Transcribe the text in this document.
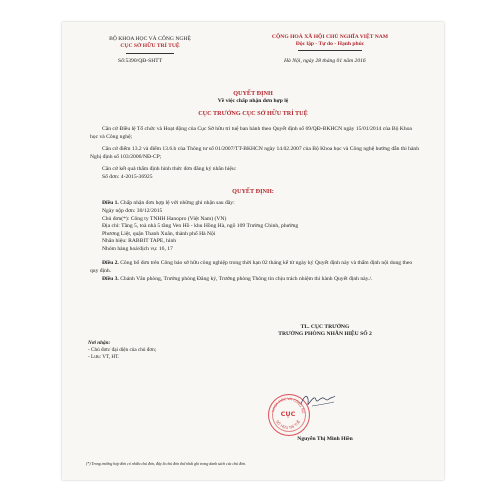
BỘ KHOA HỌC VÀ CÔNG NGHỆ
CỤC SỞ HỮU TRÍ TUỆ
Số:5390/QĐ-SHTT
CỘNG HOÀ XÃ HỘI CHỦ NGHĨA VIỆT NAM
Độc lập - Tự do - Hạnh phúc
Hà Nội, ngày 28 tháng 01 năm 2016
QUYẾT ĐỊNH
Về việc chấp nhận đơn hợp lệ
CỤC TRƯỞNG CỤC SỞ HỮU TRÍ TUỆ
Căn cứ Điều lệ Tổ chức và Hoạt động của Cục Sở hữu trí tuệ ban hành theo Quyết định số 69/QĐ-BKHCN ngày 15/01/2014 của Bộ Khoa học và Công nghệ;
Căn cứ điểm 13.2 và điểm 13.6.b của Thông tư số 01/2007/TT-BKHCN ngày 14.02.2007 của Bộ Khoa học và Công nghệ hướng dẫn thi hành Nghị định số 103/2006/NĐ-CP;
Căn cứ kết quả thẩm định hình thức đơn đăng ký nhãn hiệu:
Số đơn: 4-2015-36925
QUYẾT ĐỊNH:
Điều 1. Chấp nhận đơn hợp lệ với những ghi nhận sau đây:
Ngày nộp đơn: 30/12/2015
Chủ đơn(*): Công ty TNHH Hanopro (Việt Nam) (VN)
Địa chỉ: Tầng 5, toà nhà 5 tầng Ven Hồ - khu Hồng Hà, ngõ 109 Trường Chinh, phường
Phương Liệt, quận Thanh Xuân, thành phố Hà Nội
Nhãn hiệu: RABBIT TAPE, hình
Nhóm hàng hoá/dịch vụ: 16, 17
Điều 2. Công bố đơn trên Công báo sở hữu công nghiệp trong thời hạn 02 tháng kể từ ngày ký Quyết định này và thẩm định nội dung theo quy định.
Điều 3. Chánh Văn phòng, Trưởng phòng Đăng ký, Trưởng phòng Thông tin chịu trách nhiệm thi hành Quyết định này./.
Nơi nhận:
- Chủ đơn/ đại diện của chủ đơn;
- Lưu: VT, HT.
TL. CỤC TRƯỞNG
TRƯỞNG PHÒNG NHÃN HIỆU SỐ 2
KHOA HỌC VÀ CÔNG NG
SỞ HỮU TRÍ TUỆ
CỤC
Nguyễn Thị Minh Hiền
(*) Trong trường hợp đơn có nhiều chủ đơn, đây là chủ đơn thứ nhất ghi trong danh sách các chủ đơn.
